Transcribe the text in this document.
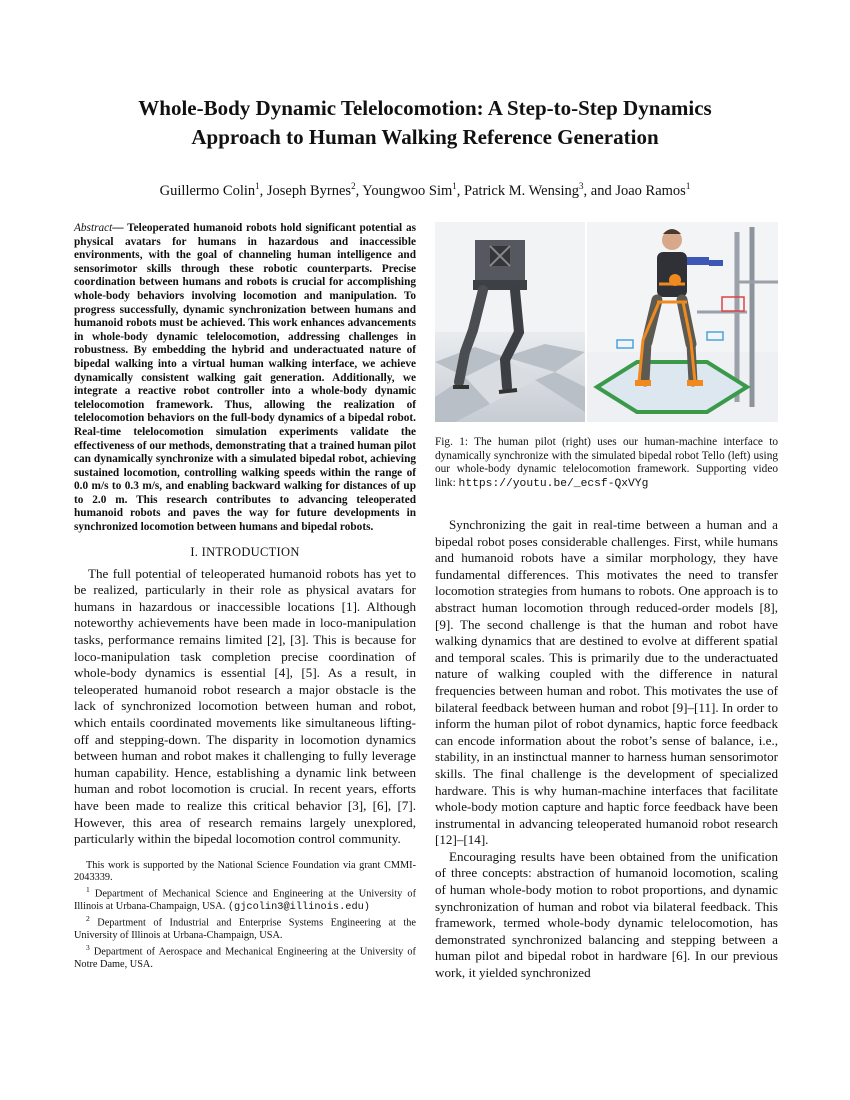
Whole-Body Dynamic Telelocomotion: A Step-to-Step Dynamics
Approach to Human Walking Reference Generation
Guillermo Colin$^1$, Joseph Byrnes$^2$, Youngwoo Sim$^1$, Patrick M. Wensing$^3$, and Joao Ramos$^1$

Abstract— Teleoperated humanoid robots hold significant potential as physical avatars for humans in hazardous and inaccessible environments, with the goal of channeling human intelligence and sensorimotor skills through these robotic counterparts. Precise coordination between humans and robots is crucial for accomplishing whole-body behaviors involving locomotion and manipulation. To progress successfully, dynamic synchronization between humans and humanoid robots must be achieved. This work enhances advancements in whole-body dynamic telelocomotion, addressing challenges in robustness. By embedding the hybrid and underactuated nature of bipedal walking into a virtual human walking interface, we achieve dynamically consistent walking gait generation. Additionally, we integrate a reactive robot controller into a whole-body dynamic telelocomotion framework. Thus, allowing the realization of telelocomotion behaviors on the full-body dynamics of a bipedal robot. Real-time telelocomotion simulation experiments validate the effectiveness of our methods, demonstrating that a trained human pilot can dynamically synchronize with a simulated bipedal robot, achieving sustained locomotion, controlling walking speeds within the range of 0.0 m/s to 0.3 m/s, and enabling backward walking for distances of up to 2.0 m. This research contributes to advancing teleoperated humanoid robots and paves the way for future developments in synchronized locomotion between humans and bipedal robots.

I. INTRODUCTION

The full potential of teleoperated humanoid robots has yet to be realized, particularly in their role as physical avatars for humans in hazardous or inaccessible locations [1]. Although noteworthy achievements have been made in loco-manipulation tasks, performance remains limited [2], [3]. This is because for loco-manipulation task completion precise coordination of whole-body dynamics is essential [4], [5]. As a result, in teleoperated humanoid robot research a major obstacle is the lack of synchronized locomotion between human and robot, which entails coordinated movements like simultaneous lifting-off and stepping-down. The disparity in locomotion dynamics between human and robot makes it challenging to fully leverage human capability. Hence, establishing a dynamic link between human and robot locomotion is crucial. In recent years, efforts have been made to realize this critical behavior [3], [6], [7]. However, this area of research remains largely unexplored, particularly within the bipedal locomotion control community.

This work is supported by the National Science Foundation via grant CMMI-2043339.

$^1$ Department of Mechanical Science and Engineering at the University of Illinois at Urbana-Champaign, USA. (gjcolin3@illinois.edu)

$^2$ Department of Industrial and Enterprise Systems Engineering at the University of Illinois at Urbana-Champaign, USA.

$^3$ Department of Aerospace and Mechanical Engineering at the University of Notre Dame, USA.

Fig. 1: The human pilot (right) uses our human-machine interface to dynamically synchronize with the simulated bipedal robot Tello (left) using our whole-body dynamic telelocomotion framework. Supporting video link: https://youtu.be/_ecsf-QxVYg

Synchronizing the gait in real-time between a human and a bipedal robot poses considerable challenges. First, while humans and humanoid robots have a similar morphology, they have fundamental differences. This motivates the need to transfer locomotion strategies from humans to robots. One approach is to abstract human locomotion through reduced-order models [8], [9]. The second challenge is that the human and robot have walking dynamics that are destined to evolve at different spatial and temporal scales. This is primarily due to the underactuated nature of walking coupled with the difference in natural frequencies between human and robot. This motivates the use of bilateral feedback between human and robot [9]–[11]. In order to inform the human pilot of robot dynamics, haptic force feedback can encode information about the robot’s sense of balance, i.e., stability, in an instinctual manner to harness human sensorimotor skills. The final challenge is the development of specialized hardware. This is why human-machine interfaces that facilitate whole-body motion capture and haptic force feedback have been instrumental in advancing teleoperated humanoid robot research [12]–[14].

Encouraging results have been obtained from the unification of three concepts: abstraction of humanoid locomotion, scaling of human whole-body motion to robot proportions, and dynamic synchronization of human and robot via bilateral feedback. This framework, termed whole-body dynamic telelocomotion, has demonstrated synchronized balancing and stepping between a human pilot and bipedal robot in hardware [6]. In our previous work, it yielded synchronized
